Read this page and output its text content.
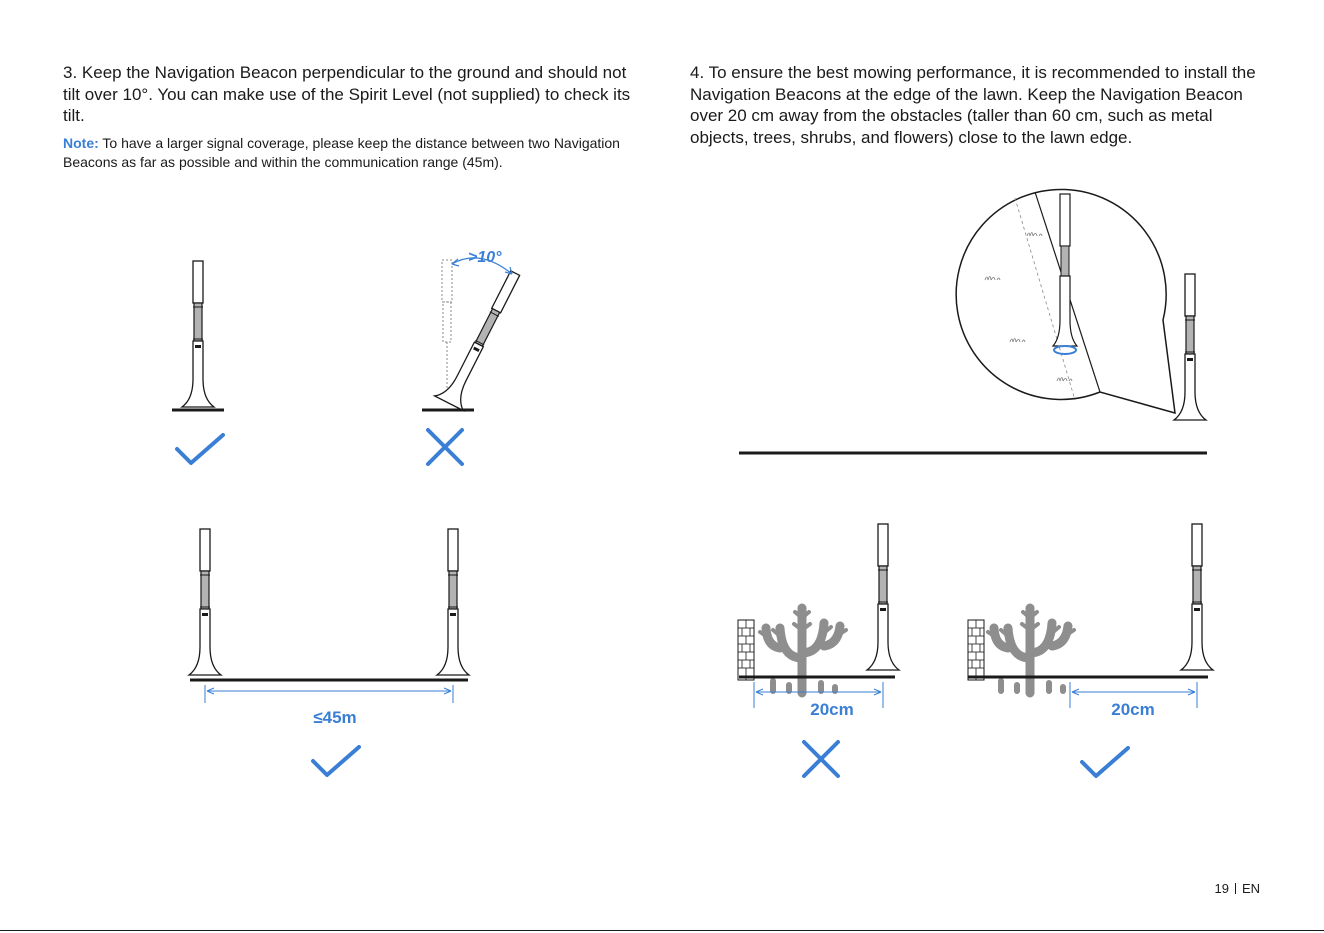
3. Keep the Navigation Beacon perpendicular to the ground and should not tilt over 10°. You can make use of the Spirit Level (not supplied) to check its tilt.

Note: To have a larger signal coverage, please keep the distance between two Navigation Beacons as far as possible and within the communication range (45m).

4. To ensure the best mowing performance, it is recommended to install the Navigation Beacons at the edge of the lawn. Keep the Navigation Beacon over 20 cm away from the obstacles (taller than 60 cm, such as metal objects, trees, shrubs, and flowers) close to the lawn edge.

>10°
≤45m	20cm	20cm
19 EN
